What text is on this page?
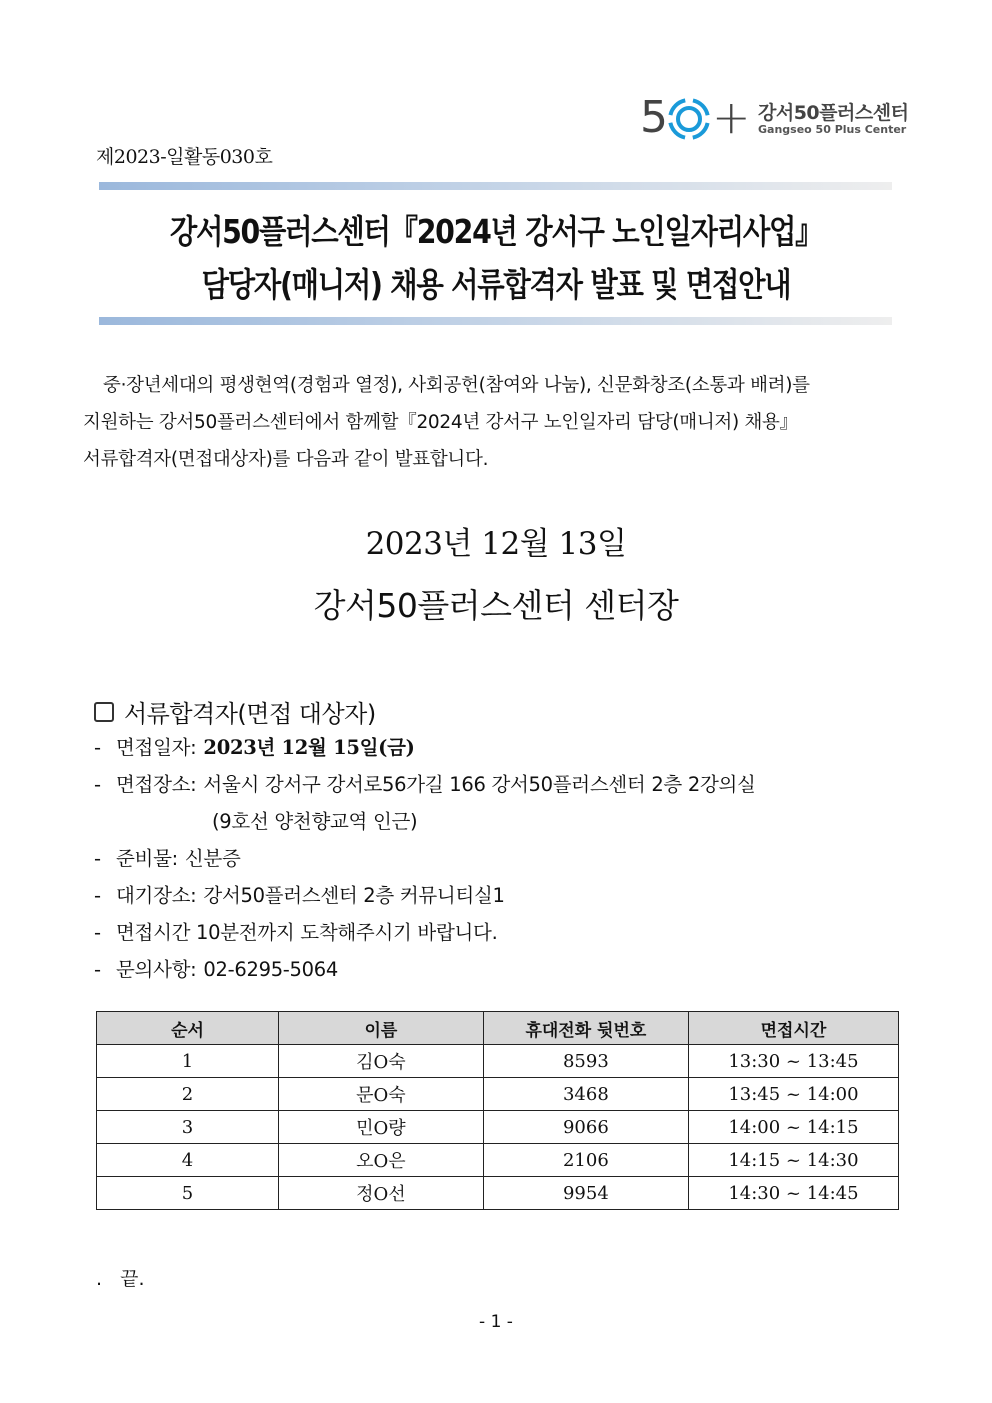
5 + 강서50플러스센터
Gangseo 50 Plus Center
제2023-일활동030호
강서50플러스센터『2024년 강서구 노인일자리사업』
담당자(매니저) 채용 서류합격자 발표 및 면접안내

중·장년세대의 평생현역(경험과 열정), 사회공헌(참여와 나눔), 신문화창조(소통과 배려)를

지원하는 강서50플러스센터에서 함께할『2024년 강서구 노인일자리 담당(매니저) 채용』

서류합격자(면접대상자)를 다음과 같이 발표합니다.

2023년 12월 13일
강서50플러스센터 센터장
서류합격자(면접 대상자)
- 면접일자: 2023년 12월 15일(금)
- 면접장소: 서울시 강서구 강서로56가길 166 강서50플러스센터 2층 2강의실
(9호선 양천향교역 인근)
- 준비물: 신분증
- 대기장소: 강서50플러스센터 2층 커뮤니티실1
- 면접시간 10분전까지 도착해주시기 바랍니다.
- 문의사항: 02-6295-5064
순서	이름	휴대전화 뒷번호	면접시간
1	김O숙	8593	13:30 ~ 13:45
2	문O숙	3468	13:45 ~ 14:00
3	민O량	9066	14:00 ~ 14:15
4	오O은	2106	14:15 ~ 14:30
5	정O선	9954	14:30 ~ 14:45
.   끝.
- 1 -
